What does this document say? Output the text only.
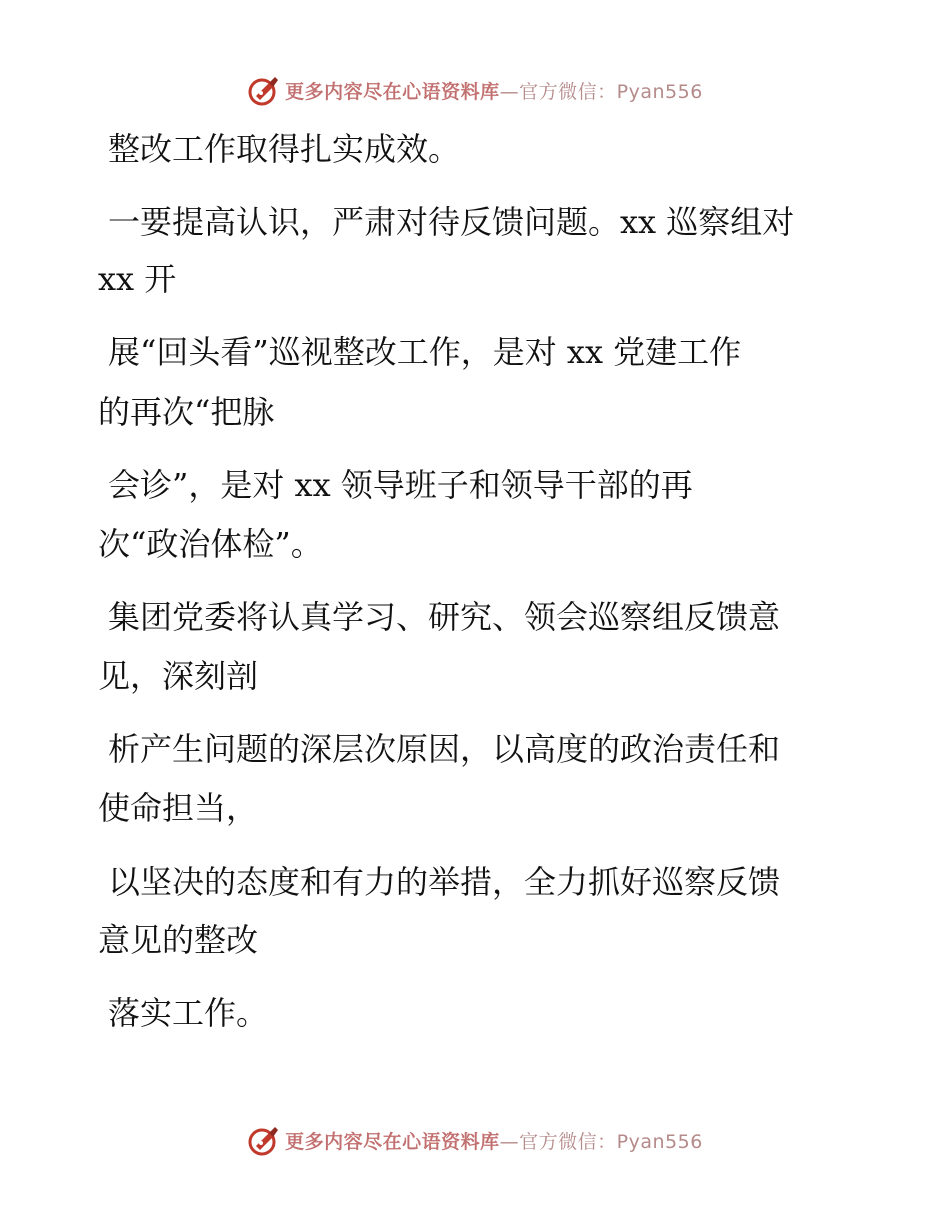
更多内容尽在心语资料库—官方微信：Pyan556
整改工作取得扎实成效。
一要提高认识，严肃对待反馈问题。xx 巡察组对
xx 开
展“回头看”巡视整改工作，是对 xx 党建工作
的再次“把脉
会诊”，是对 xx 领导班子和领导干部的再
次“政治体检”。
集团党委将认真学习、研究、领会巡察组反馈意
见，深刻剖
析产生问题的深层次原因，以高度的政治责任和
使命担当，
以坚决的态度和有力的举措，全力抓好巡察反馈
意见的整改
落实工作。
更多内容尽在心语资料库—官方微信：Pyan556
